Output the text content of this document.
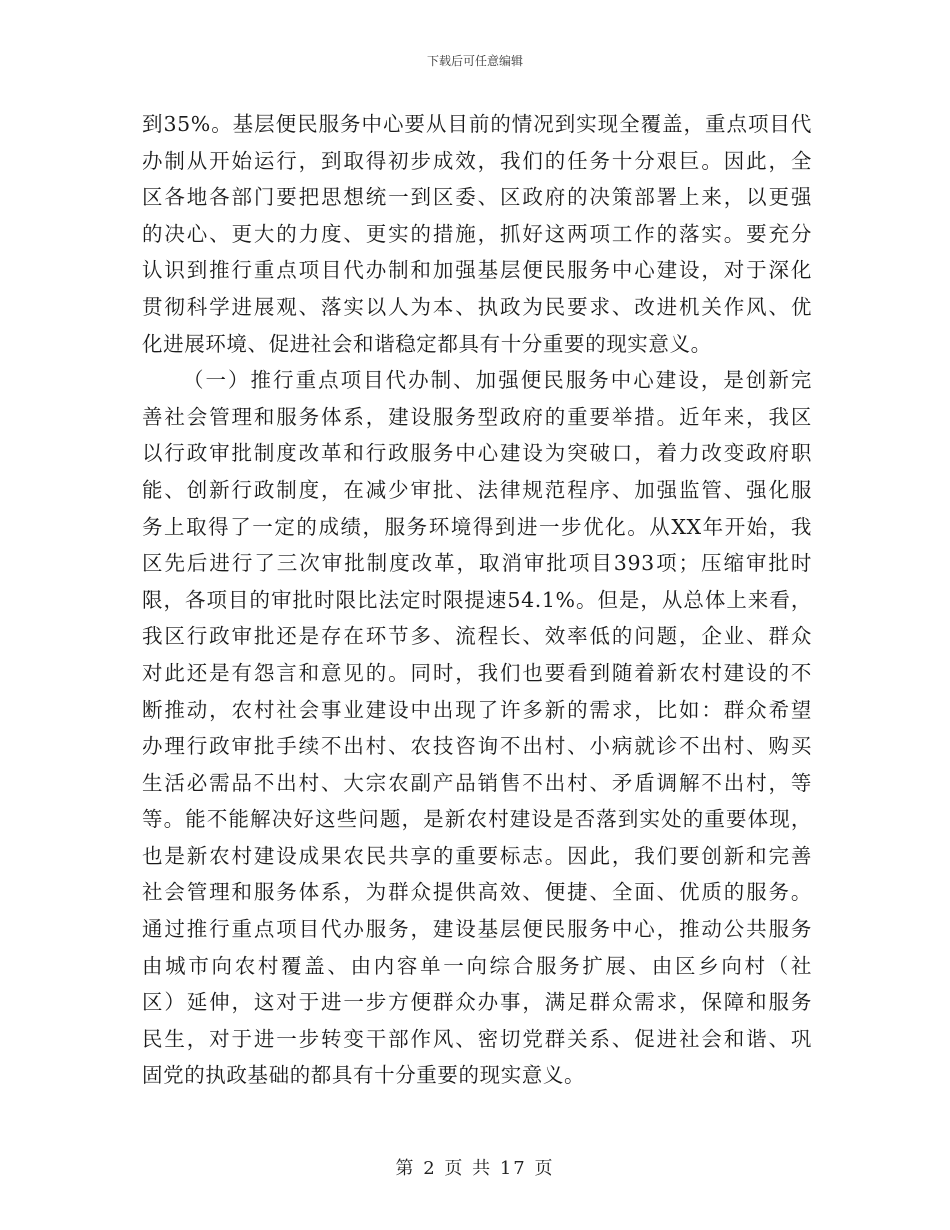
下载后可任意编辑
到35%。基层便民服务中心要从目前的情况到实现全覆盖，重点项目代
办制从开始运行，到取得初步成效，我们的任务十分艰巨。因此，全
区各地各部门要把思想统一到区委、区政府的决策部署上来，以更强
的决心、更大的力度、更实的措施，抓好这两项工作的落实。要充分
认识到推行重点项目代办制和加强基层便民服务中心建设，对于深化
贯彻科学进展观、落实以人为本、执政为民要求、改进机关作风、优
化进展环境、促进社会和谐稳定都具有十分重要的现实意义。
（一）推行重点项目代办制、加强便民服务中心建设，是创新完
善社会管理和服务体系，建设服务型政府的重要举措。近年来，我区
以行政审批制度改革和行政服务中心建设为突破口，着力改变政府职
能、创新行政制度，在减少审批、法律规范程序、加强监管、强化服
务上取得了一定的成绩，服务环境得到进一步优化。从XX年开始，我
区先后进行了三次审批制度改革，取消审批项目393项；压缩审批时
限，各项目的审批时限比法定时限提速54.1%。但是，从总体上来看，
我区行政审批还是存在环节多、流程长、效率低的问题，企业、群众
对此还是有怨言和意见的。同时，我们也要看到随着新农村建设的不
断推动，农村社会事业建设中出现了许多新的需求，比如：群众希望
办理行政审批手续不出村、农技咨询不出村、小病就诊不出村、购买
生活必需品不出村、大宗农副产品销售不出村、矛盾调解不出村，等
等。能不能解决好这些问题，是新农村建设是否落到实处的重要体现，
也是新农村建设成果农民共享的重要标志。因此，我们要创新和完善
社会管理和服务体系，为群众提供高效、便捷、全面、优质的服务。
通过推行重点项目代办服务，建设基层便民服务中心，推动公共服务
由城市向农村覆盖、由内容单一向综合服务扩展、由区乡向村（社
区）延伸，这对于进一步方便群众办事，满足群众需求，保障和服务
民生，对于进一步转变干部作风、密切党群关系、促进社会和谐、巩
固党的执政基础的都具有十分重要的现实意义。
第 2 页 共 17 页
